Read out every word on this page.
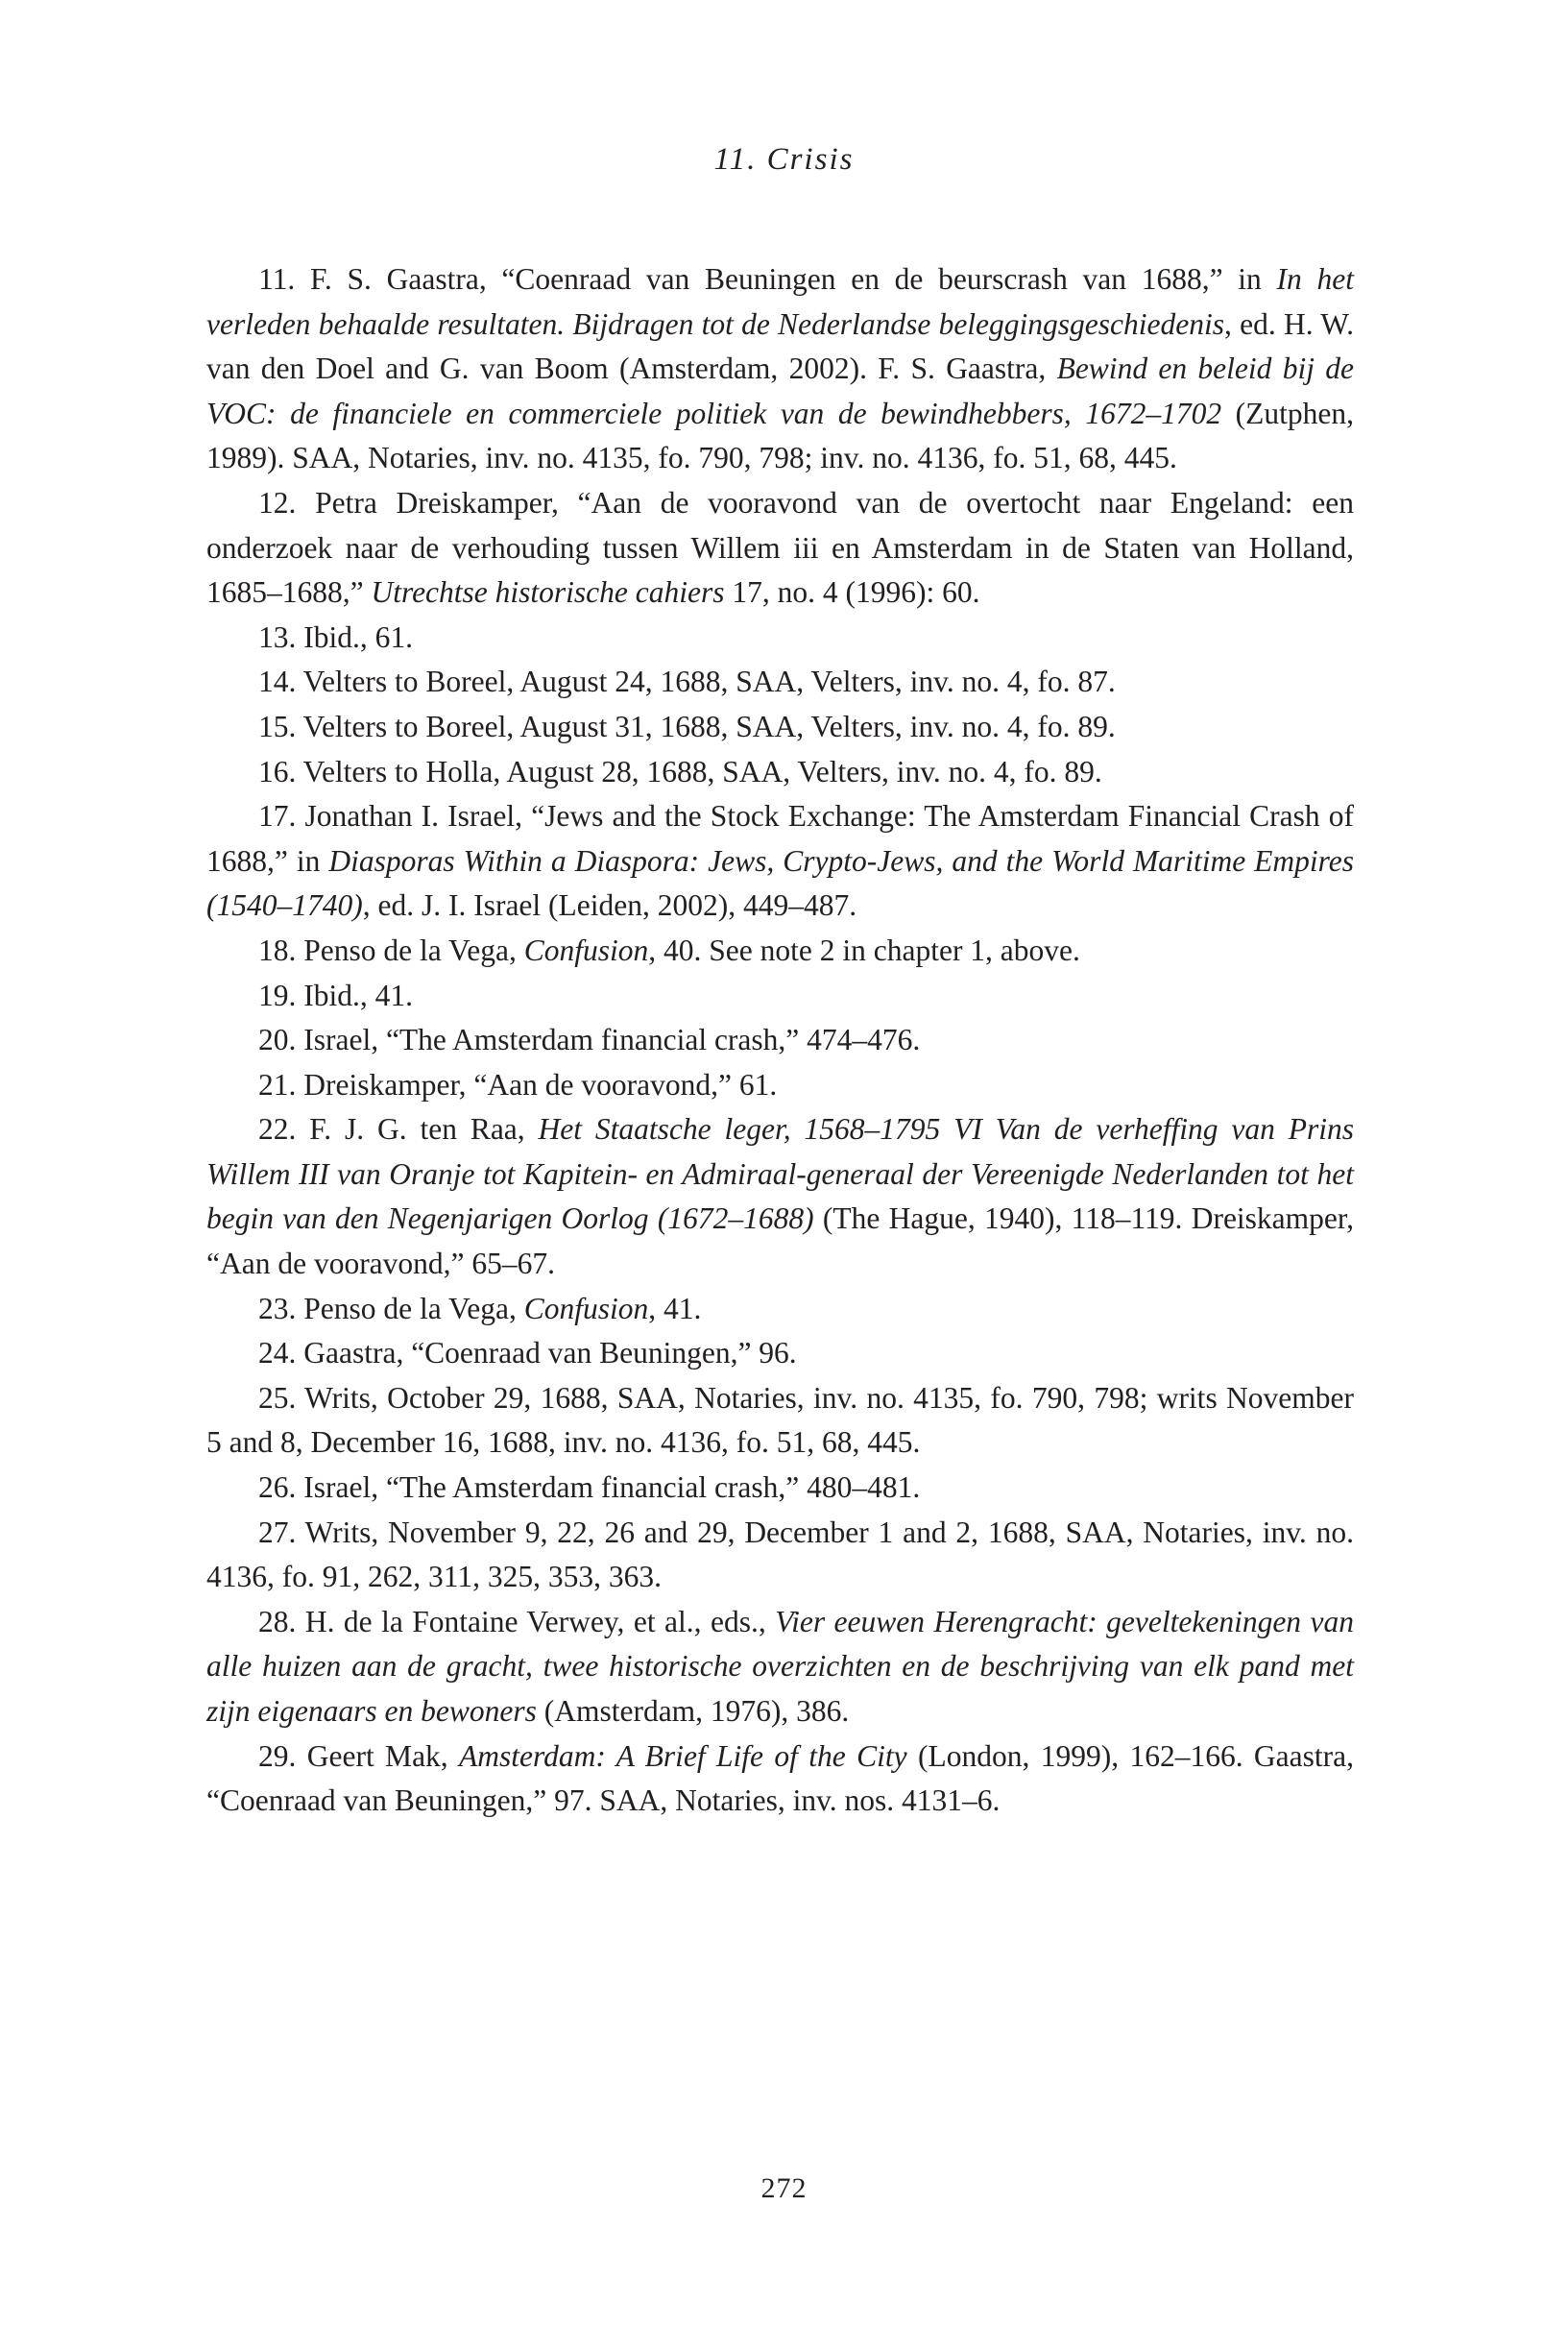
11. Crisis

11. F. S. Gaastra, “Coenraad van Beuningen en de beurscrash van 1688,” in In het verleden behaalde resultaten. Bijdragen tot de Nederlandse beleggingsgeschiedenis, ed. H. W. van den Doel and G. van Boom (Amsterdam, 2002). F. S. Gaastra, Bewind en beleid bij de VOC: de financiele en commerciele politiek van de bewindhebbers, 1672–1702 (Zutphen, 1989). SAA, Notaries, inv. no. 4135, fo. 790, 798; inv. no. 4136, fo. 51, 68, 445.

12. Petra Dreiskamper, “Aan de vooravond van de overtocht naar Engeland: een onderzoek naar de verhouding tussen Willem iii en Amsterdam in de Staten van Holland, 1685–1688,” Utrechtse historische cahiers 17, no. 4 (1996): 60.

13. Ibid., 61.

14. Velters to Boreel, August 24, 1688, SAA, Velters, inv. no. 4, fo. 87.

15. Velters to Boreel, August 31, 1688, SAA, Velters, inv. no. 4, fo. 89.

16. Velters to Holla, August 28, 1688, SAA, Velters, inv. no. 4, fo. 89.

17. Jonathan I. Israel, “Jews and the Stock Exchange: The Amsterdam Financial Crash of 1688,” in Diasporas Within a Diaspora: Jews, Crypto-Jews, and the World Maritime Empires (1540–1740), ed. J. I. Israel (Leiden, 2002), 449–487.

18. Penso de la Vega, Confusion, 40. See note 2 in chapter 1, above.

19. Ibid., 41.

20. Israel, “The Amsterdam financial crash,” 474–476.

21. Dreiskamper, “Aan de vooravond,” 61.

22. F. J. G. ten Raa, Het Staatsche leger, 1568–1795 VI Van de verheffing van Prins Willem III van Oranje tot Kapitein- en Admiraal-generaal der Vereenigde Nederlanden tot het begin van den Negenjarigen Oorlog (1672–1688) (The Hague, 1940), 118–119. Dreiskamper, “Aan de vooravond,” 65–67.

23. Penso de la Vega, Confusion, 41.

24. Gaastra, “Coenraad van Beuningen,” 96.

25. Writs, October 29, 1688, SAA, Notaries, inv. no. 4135, fo. 790, 798; writs November 5 and 8, December 16, 1688, inv. no. 4136, fo. 51, 68, 445.

26. Israel, “The Amsterdam financial crash,” 480–481.

27. Writs, November 9, 22, 26 and 29, December 1 and 2, 1688, SAA, Notaries, inv. no. 4136, fo. 91, 262, 311, 325, 353, 363.

28. H. de la Fontaine Verwey, et al., eds., Vier eeuwen Herengracht: geveltekeningen van alle huizen aan de gracht, twee historische overzichten en de beschrijving van elk pand met zijn eigenaars en bewoners (Amsterdam, 1976), 386.

29. Geert Mak, Amsterdam: A Brief Life of the City (London, 1999), 162–166. Gaastra, “Coenraad van Beuningen,” 97. SAA, Notaries, inv. nos. 4131–6.

272
